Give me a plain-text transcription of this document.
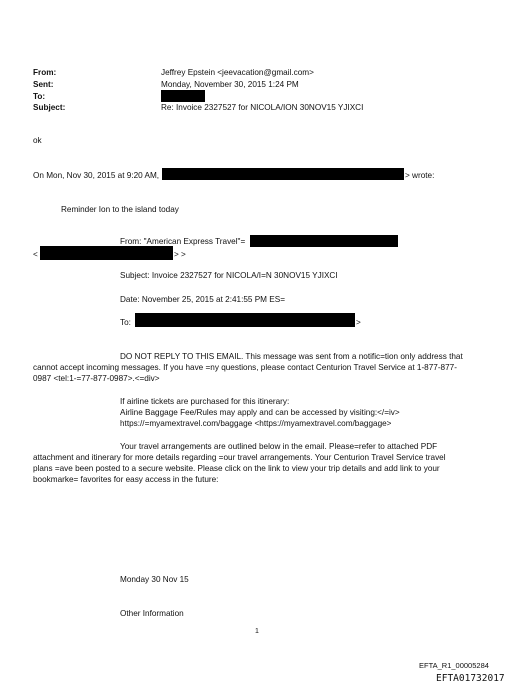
From:	Jeffrey Epstein <jeevacation@gmail.com>
Sent:	Monday, November 30, 2015 1:24 PM
To:
Subject:	Re: Invoice 2327527 for NICOLA/ION 30NOV15 YJIXCI
ok
On Mon, Nov 30, 2015 at 9:20 AM,	> wrote:
Reminder Ion to the island today
From: "American Express Travel"=
<	> >
Subject: Invoice 2327527 for NICOLA/I=N 30NOV15 YJIXCI
Date: November 25, 2015 at 2:41:55 PM ES=
To:	>
DO NOT REPLY TO THIS EMAIL. This message was sent from a notific=tion only address that
cannot accept incoming messages. If you have =ny questions, please contact Centurion Travel Service at 1-877-877-
0987 <tel:1-=77-877-0987>.<=div>
If airline tickets are purchased for this itinerary:
Airline Baggage Fee/Rules may apply and can be accessed by visiting:</=iv>
https://=myamextravel.com/baggage <https://myamextravel.com/baggage>
Your travel arrangements are outlined below in the email. Please=refer to attached PDF
attachment and itinerary for more details regarding =our travel arrangements. Your Centurion Travel Service travel
plans =ave been posted to a secure website. Please click on the link to view your trip details and add link to your
bookmarke= favorites for easy access in the future:
Monday 30 Nov 15
Other Information
1
EFTA_R1_00005284
EFTA01732017
